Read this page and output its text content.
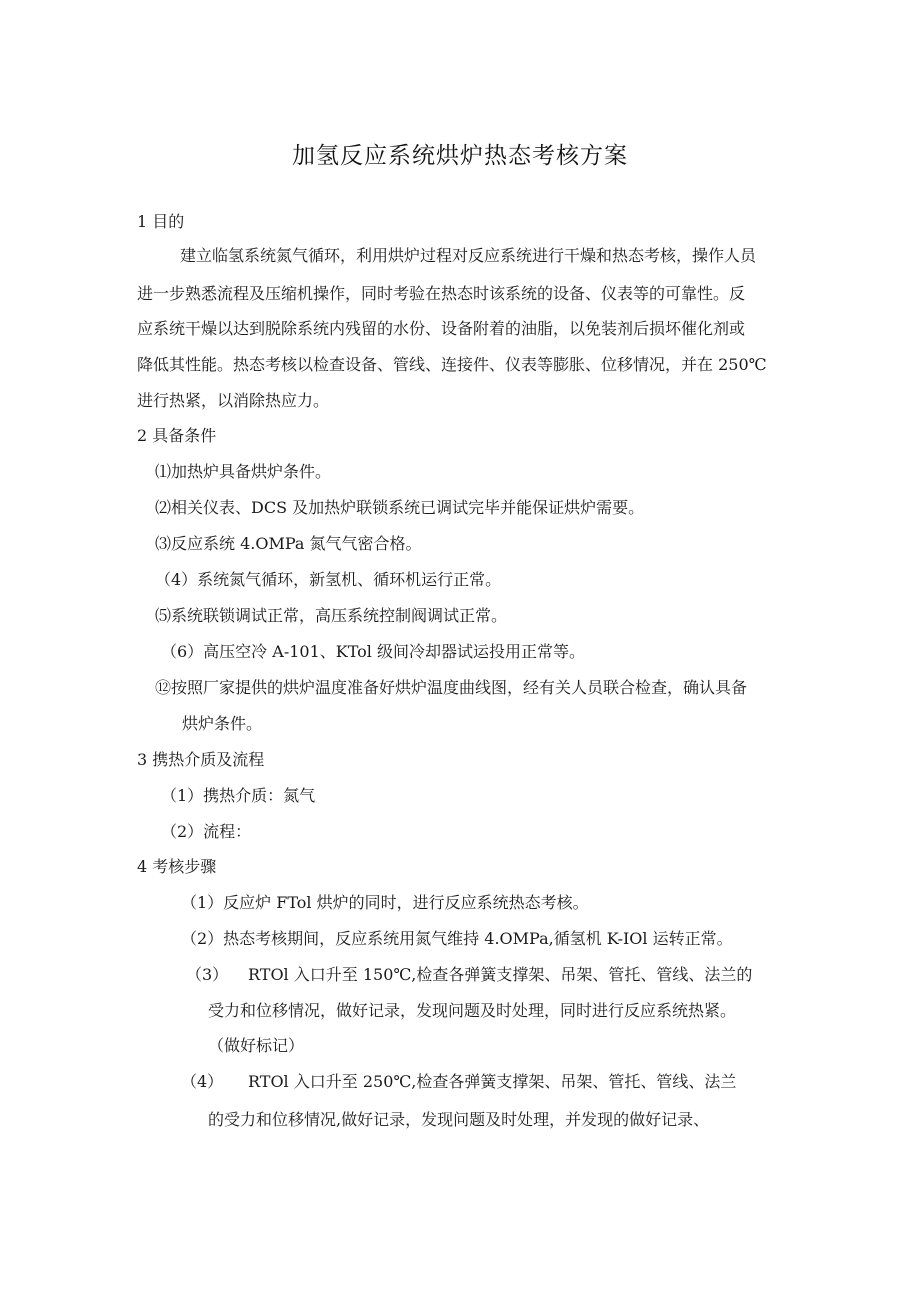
加氢反应系统烘炉热态考核方案
1 目的
建立临氢系统氮气循环，利用烘炉过程对反应系统进行干燥和热态考核，操作人员
进一步熟悉流程及压缩机操作，同时考验在热态时该系统的设备、仪表等的可靠性。反
应系统干燥以达到脱除系统内残留的水份、设备附着的油脂，以免装剂后损坏催化剂或
降低其性能。热态考核以检查设备、管线、连接件、仪表等膨胀、位移情况，并在 250℃
进行热紧，以消除热应力。
2 具备条件
⑴加热炉具备烘炉条件。
⑵相关仪表、DCS 及加热炉联锁系统已调试完毕并能保证烘炉需要。
⑶反应系统 4.OMPa 氮气气密合格。
（4）系统氮气循环，新氢机、循环机运行正常。
⑸系统联锁调试正常，高压系统控制阀调试正常。
（6）高压空冷 A-101、KTol 级间冷却器试运投用正常等。
⑫按照厂家提供的烘炉温度准备好烘炉温度曲线图，经有关人员联合检查，确认具备
烘炉条件。
3 携热介质及流程
（1）携热介质：氮气
（2）流程：
4 考核步骤
（1）反应炉 FTol 烘炉的同时，进行反应系统热态考核。
（2）热态考核期间，反应系统用氮气维持 4.OMPa,循氢机 K-IOl 运转正常。
（3） RTOl 入口升至 150℃,检查各弹簧支撑架、吊架、管托、管线、法兰的
受力和位移情况，做好记录，发现问题及时处理，同时进行反应系统热紧。
（做好标记）
（4） RTOl 入口升至 250℃,检查各弹簧支撑架、吊架、管托、管线、法兰
的受力和位移情况,做好记录，发现问题及时处理，并发现的做好记录、
